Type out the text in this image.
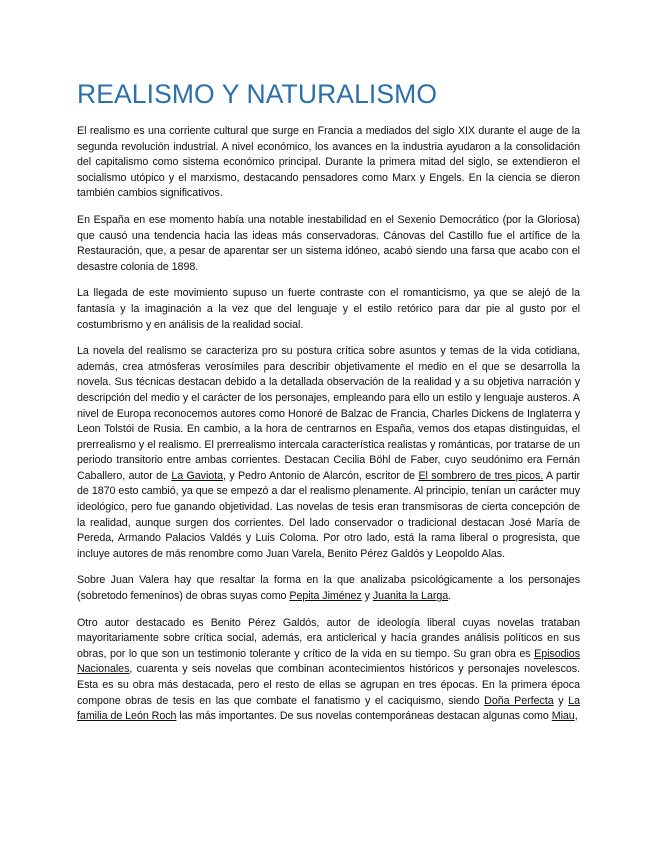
REALISMO Y NATURALISMO

El realismo es una corriente cultural que surge en Francia a mediados del siglo XIX durante el auge de la segunda revolución industrial. A nivel económico, los avances en la industria ayudaron a la consolidación del capitalismo como sistema económico principal. Durante la primera mitad del siglo, se extendieron el socialismo utópico y el marxismo, destacando pensadores como Marx y Engels. En la ciencia se dieron también cambios significativos.

En España en ese momento había una notable inestabilidad en el Sexenio Democrático (por la Gloriosa) que causó una tendencia hacia las ideas más conservadoras. Cánovas del Castillo fue el artífice de la Restauración, que, a pesar de aparentar ser un sistema idóneo, acabó siendo una farsa que acabo con el desastre colonia de 1898.

La llegada de este movimiento supuso un fuerte contraste con el romanticismo, ya que se alejó de la fantasía y la imaginación a la vez que del lenguaje y el estilo retórico para dar pie al gusto por el costumbrismo y en análisis de la realidad social.

La novela del realismo se caracteriza pro su postura crítica sobre asuntos y temas de la vida cotidiana, además, crea atmósferas verosímiles para describir objetivamente el medio en el que se desarrolla la novela. Sus técnicas destacan debido a la detallada observación de la realidad y a su objetiva narración y descripción del medio y el carácter de los personajes, empleando para ello un estilo y lenguaje austeros. A nivel de Europa reconocemos autores como Honoré de Balzac de Francia, Charles Dickens de Inglaterra y Leon Tolstói de Rusia. En cambio, a la hora de centrarnos en España, vemos dos etapas distinguidas, el prerrealismo y el realismo. El prerrealismo intercala característica realistas y románticas, por tratarse de un periodo transitorio entre ambas corrientes. Destacan Cecilia Böhl de Faber, cuyo seudónimo era Fernán Caballero, autor de La Gaviota, y Pedro Antonio de Alarcón, escritor de El sombrero de tres picos. A partir de 1870 esto cambió, ya que se empezó a dar el realismo plenamente. Al principio, tenían un carácter muy ideológico, pero fue ganando objetividad. Las novelas de tesis eran transmisoras de cierta concepción de la realidad, aunque surgen dos corrientes. Del lado conservador o tradicional destacan José María de Pereda, Armando Palacios Valdés y Luis Coloma. Por otro lado, está la rama liberal o progresista, que incluye autores de más renombre como Juan Varela, Benito Pérez Galdós y Leopoldo Alas.

Sobre Juan Valera hay que resaltar la forma en la que analizaba psicológicamente a los personajes (sobretodo femeninos) de obras suyas como Pepita Jiménez y Juanita la Larga.

Otro autor destacado es Benito Pérez Galdós, autor de ideología liberal cuyas novelas trataban mayoritariamente sobre crítica social, además, era anticlerical y hacía grandes análisis políticos en sus obras, por lo que son un testimonio tolerante y crítico de la vida en su tiempo. Su gran obra es Episodios Nacionales, cuarenta y seis novelas que combinan acontecimientos históricos y personajes novelescos. Esta es su obra más destacada, pero el resto de ellas se agrupan en tres épocas. En la primera época compone obras de tesis en las que combate el fanatismo y el caciquismo, siendo Doña Perfecta y La familia de León Roch las más importantes. De sus novelas contemporáneas destacan algunas como Miau,
